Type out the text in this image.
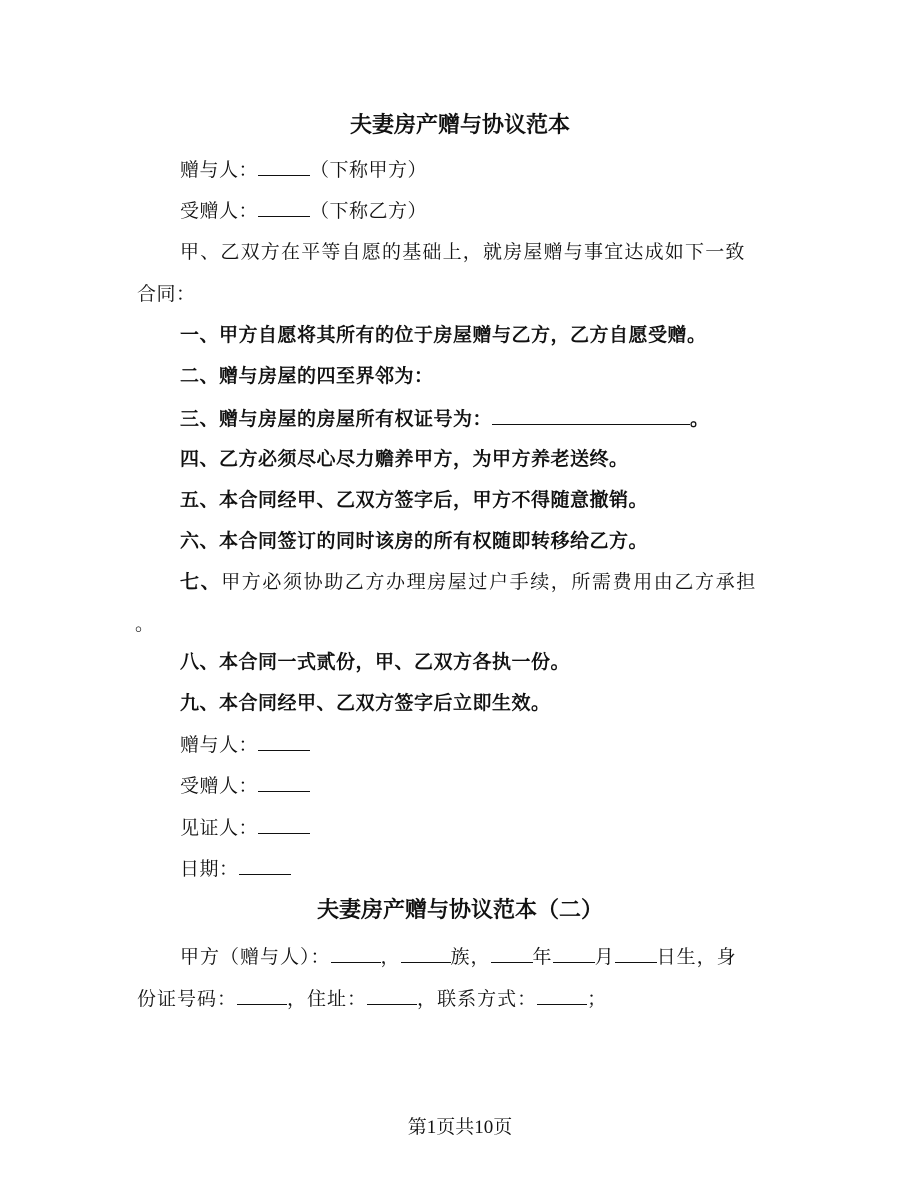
夫妻房产赠与协议范本
赠与人：	（下称甲方）
受赠人：	（下称乙方）
甲、乙双方在平等自愿的基础上，就房屋赠与事宜达成如下一致
合同：
一、甲方自愿将其所有的位于房屋赠与乙方，乙方自愿受赠。
二、赠与房屋的四至界邻为：
三、赠与房屋的房屋所有权证号为：	。
四、乙方必须尽心尽力赡养甲方，为甲方养老送终。
五、本合同经甲、乙双方签字后，甲方不得随意撤销。
六、本合同签订的同时该房的所有权随即转移给乙方。
七、甲方必须协助乙方办理房屋过户手续，所需费用由乙方承担
。
八、本合同一式贰份，甲、乙双方各执一份。
九、本合同经甲、乙双方签字后立即生效。
赠与人：
受赠人：
见证人：
日期：
夫妻房产赠与协议范本（二）
甲方（赠与人）：	，	族， 年 月 日生，身
份证号码：	，住址：	，联系方式：	；
第1页共10页
